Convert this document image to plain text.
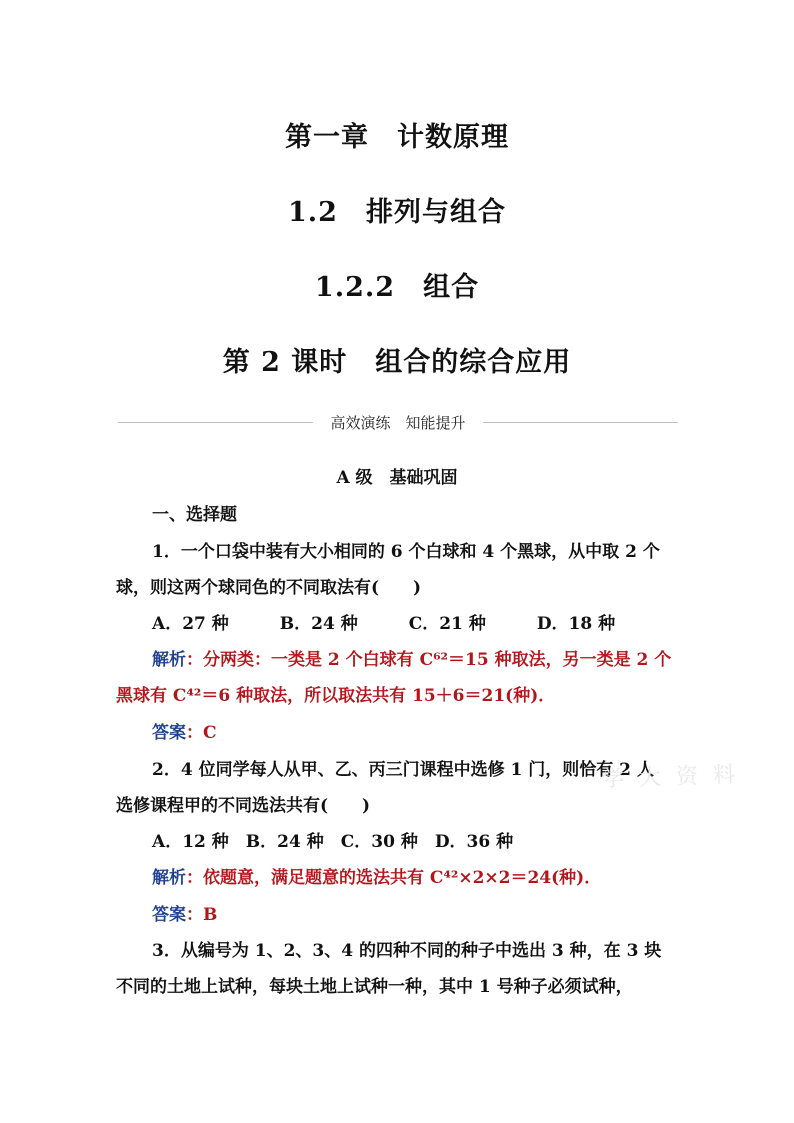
第一章　计数原理
1.2　排列与组合
1.2.2　组合
第 2 课时　组合的综合应用
高效演练　知能提升
A 级　基础巩固
一、选择题
1．一个口袋中装有大小相同的 6 个白球和 4 个黑球，从中取 2 个
球，则这两个球同色的不同取法有(　　)
A．27 种　　　B．24 种　　　C．21 种　　　D．18 种
解析：分两类：一类是 2 个白球有 C⁶²＝15 种取法，另一类是 2 个
黑球有 C⁴²＝6 种取法，所以取法共有 15＋6＝21(种)．
答案：C
2．4 位同学每人从甲、乙、丙三门课程中选修 1 门，则恰有 2 人
选修课程甲的不同选法共有(　　)
A．12 种　B．24 种　C．30 种　D．36 种
解析：依题意，满足题意的选法共有 C⁴²×2×2＝24(种)．
答案：B
3．从编号为 1、2、3、4 的四种不同的种子中选出 3 种，在 3 块
不同的土地上试种，每块土地上试种一种，其中 1 号种子必须试种，
学 大 资 料
